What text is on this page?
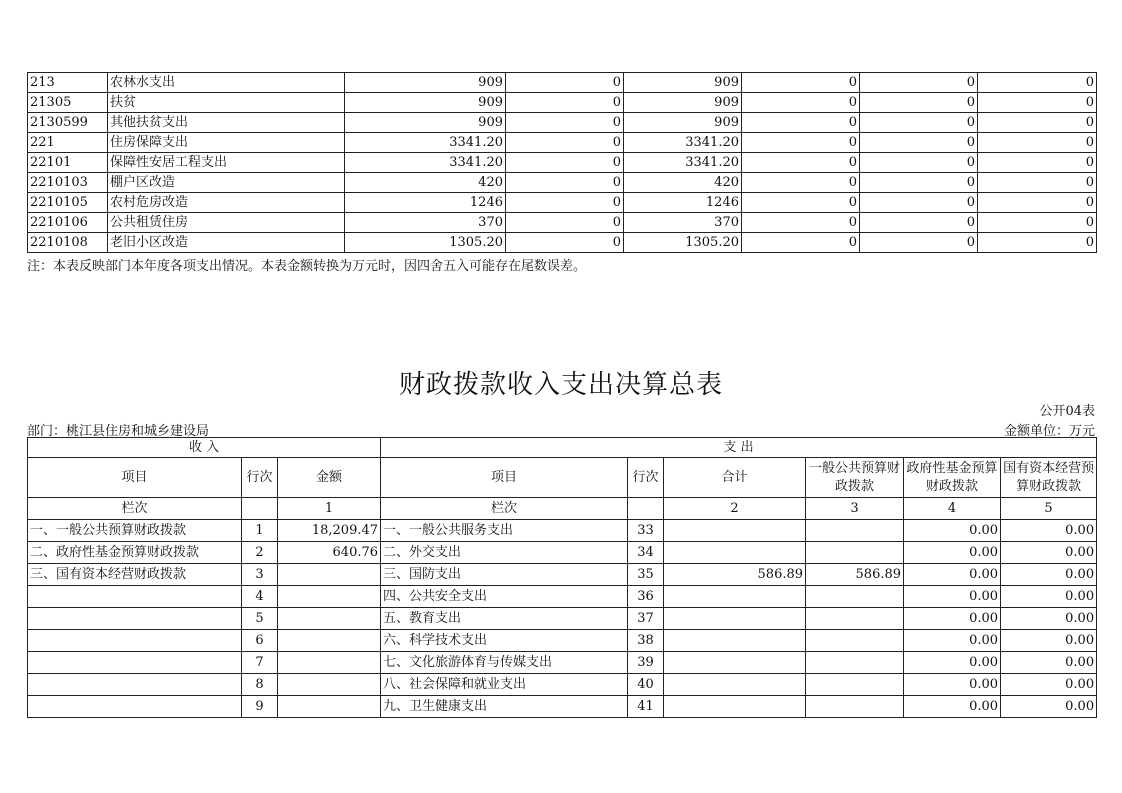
213	农林水支出	909	0	909	0	0	0
21305	扶贫	909	0	909	0	0	0
2130599	其他扶贫支出	909	0	909	0	0	0
221	住房保障支出	3341.20	0	3341.20	0	0	0
22101	保障性安居工程支出	3341.20	0	3341.20	0	0	0
2210103	棚户区改造	420	0	420	0	0	0
2210105	农村危房改造	1246	0	1246	0	0	0
2210106	公共租赁住房	370	0	370	0	0	0
2210108	老旧小区改造	1305.20	0	1305.20	0	0	0
注：本表反映部门本年度各项支出情况。本表金额转换为万元时，因四舍五入可能存在尾数误差。
财政拨款收入支出决算总表
公开04表
部门：桃江县住房和城乡建设局	金额单位：万元
收 入			支 出					
项目	行次	金额	项目	行次	合计	一般公共预算财政拨款	政府性基金预算财政拨款	国有资本经营预算财政拨款
栏次		1	栏次		2	3	4	5
一、一般公共预算财政拨款	1	18,209.47	一、一般公共服务支出	33			0.00	0.00
二、政府性基金预算财政拨款	2	640.76	二、外交支出	34			0.00	0.00
三、国有资本经营财政拨款	3		三、国防支出	35	586.89	586.89	0.00	0.00
	4		四、公共安全支出	36			0.00	0.00
	5		五、教育支出	37			0.00	0.00
	6		六、科学技术支出	38			0.00	0.00
	7		七、文化旅游体育与传媒支出	39			0.00	0.00
	8		八、社会保障和就业支出	40			0.00	0.00
	9		九、卫生健康支出	41			0.00	0.00
